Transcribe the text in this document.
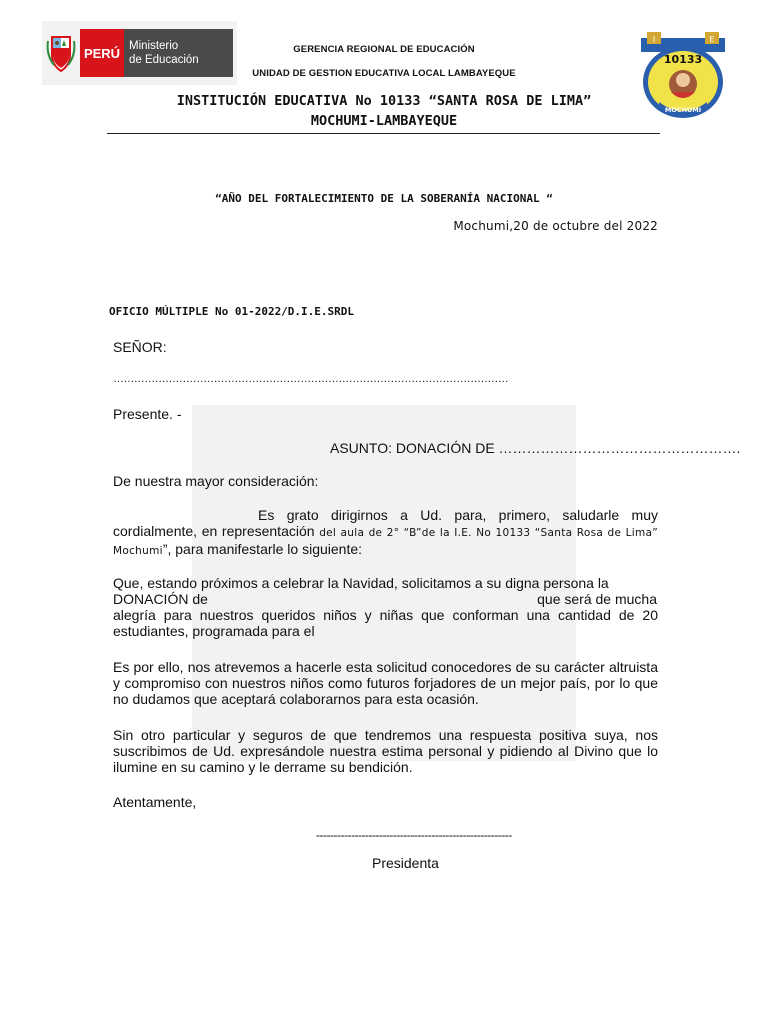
PERÚ Ministerio
de Educación
I	E
10133
MOCHUMI
GERENCIA REGIONAL DE EDUCACIÓN
UNIDAD DE GESTION EDUCATIVA LOCAL LAMBAYEQUE
INSTITUCIÓN EDUCATIVA No 10133 “SANTA ROSA DE LIMA”
MOCHUMI-LAMBAYEQUE
“AÑO DEL FORTALECIMIENTO DE LA SOBERANÍA NACIONAL “
Mochumi,20 de octubre del 2022
OFICIO MÚLTIPLE No 01-2022/D.I.E.SRDL
SEÑOR:
……………………………………………………………………………………………………
Presente. -
ASUNTO: DONACIÓN DE …………………………………………….
De nuestra mayor consideración:
Es grato dirigirnos a Ud. para, primero, saludarle muy cordialmente, en representación del aula de 2° “B”de la I.E. No 10133 “Santa Rosa de Lima” Mochumi”, para manifestarle lo siguiente:
Que, estando próximos a celebrar la Navidad, solicitamos a su digna persona la
DONACIÓN de	que será de mucha
alegría para nuestros queridos niños y niñas que conforman una cantidad de 20 estudiantes, programada para el
Es por ello, nos atrevemos a hacerle esta solicitud conocedores de su carácter altruista y compromiso con nuestros niños como futuros forjadores de un mejor país, por lo que no dudamos que aceptará colaborarnos para esta ocasión.
Sin otro particular y seguros de que tendremos una respuesta positiva suya, nos suscribimos de Ud. expresándole nuestra estima personal y pidiendo al Divino que lo ilumine en su camino y le derrame su bendición.
Atentamente,
--------------------------------------------------------
Presidenta
